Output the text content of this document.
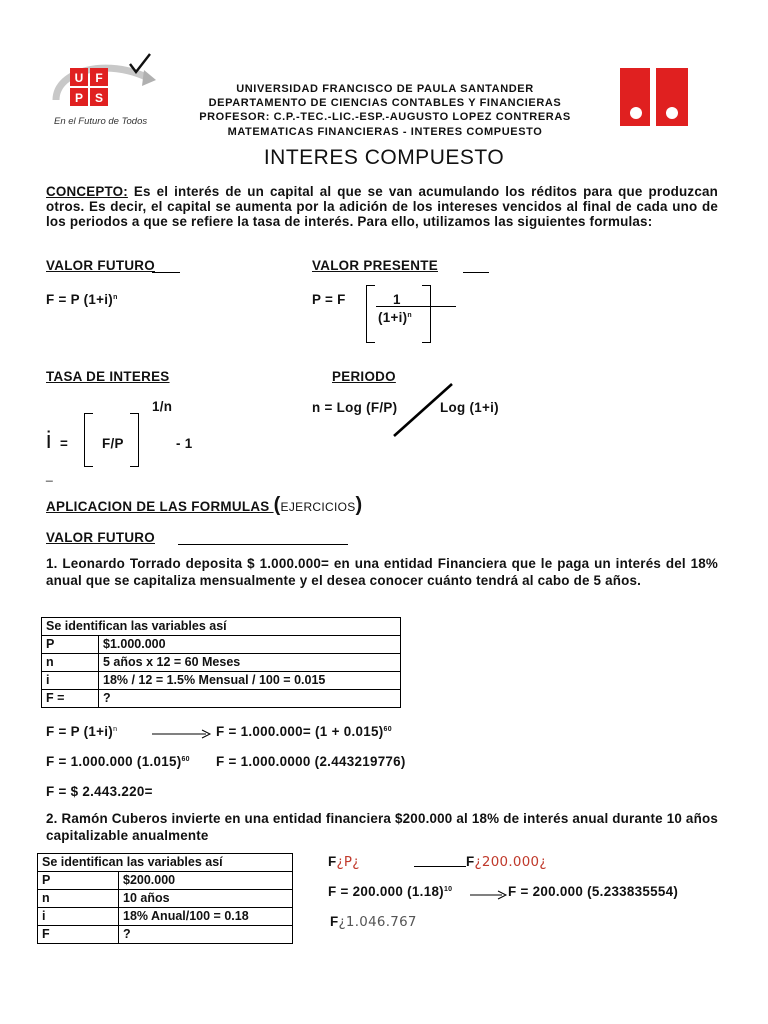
U F
P S
En el Futuro de Todos
UNIVERSIDAD FRANCISCO DE PAULA SANTANDER
DEPARTAMENTO DE CIENCIAS CONTABLES Y FINANCIERAS
PROFESOR: C.P.-TEC.-LIC.-ESP.-AUGUSTO LOPEZ CONTRERAS
MATEMATICAS FINANCIERAS - INTERES COMPUESTO
INTERES COMPUESTO
CONCEPTO: Es el interés de un capital al que se van acumulando los réditos para que produzcan otros. Es decir, el capital se aumenta por la adición de los intereses vencidos al final de cada uno de los periodos a que se refiere la tasa de interés. Para ello, utilizamos las siguientes formulas:
VALOR FUTURO
F = P $(1+i)^n$
VALOR PRESENTE
P = F	1
$(1+i)^n$
TASA DE INTERES
1/n
i =	F/P	- 1
_
PERIODO
n = Log (F/P)	Log (1+i)
APLICACION DE LAS FORMULAS (EJERCICIOS)
VALOR FUTURO
1. Leonardo Torrado deposita $ 1.000.000= en una entidad Financiera que le paga un interés del 18% anual que se capitaliza mensualmente y el desea conocer cuánto tendrá al cabo de 5 años.
Se identifican las variables así	
P	$1.000.000
n	5 años x 12 = 60 Meses
i	18% / 12 = 1.5% Mensual / 100 = 0.015
F =	?
F = P $(1+i)^n$	$F = 1.000.000= (1 + 0.015)^{60}$
F = 1.000.000 $(1.015)^{60}$ F = 1.000.0000 (2.443219776)
F = $ 2.443.220=
2. Ramón Cuberos invierte en una entidad financiera $200.000 al 18% de interés anual durante 10 años capitalizable anualmente
Se identifican las variables así	
P	$200.000
n	10 años
i	18% Anual/100 = 0.18
F	?
F¿P¿	F¿200.000¿
F = 200.000 $(1.18)^{10}$	F = 200.000 (5.233835554)
F¿1.046.767
